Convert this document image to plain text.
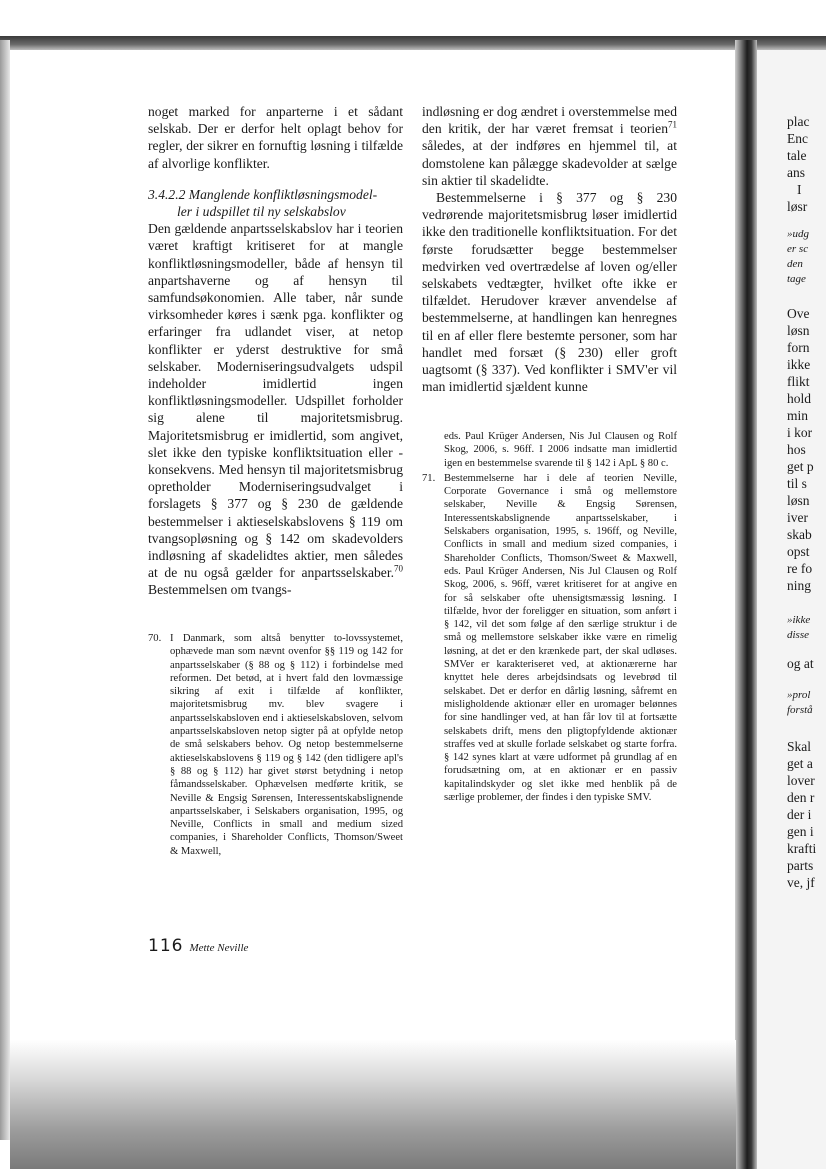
plac
Enc
tale
ans
I
løsr
»udg
er sc
den
tage
Ove
løsn
forn
ikke
flikt
hold
min
i kor
hos
get p
til s
løsn
iver
skab
opst
re fo
ning
»ikke
disse
og at
»prol
forstå
Skal
get a
lover
den r
der i
gen i
krafti
parts
ve, jf

noget marked for anparterne i et sådant selskab. Der er derfor helt oplagt behov for regler, der sikrer en fornuftig løsning i tilfælde af alvorlige konflikter.

3.4.2.2 Manglende konfliktløsningsmodel-
ler i udspillet til ny selskabslov

Den gældende anpartsselskabslov har i teorien været kraftigt kritiseret for at mangle konfliktløsningsmodeller, både af hensyn til anpartshaverne og af hensyn til samfundsøkonomien. Alle taber, når sunde virksomheder køres i sænk pga. konflikter og erfaringer fra udlandet viser, at netop konflikter er yderst destruktive for små selskaber. Moderniseringsudvalgets udspil indeholder imidlertid ingen konfliktløsningsmodeller. Udspillet forholder sig alene til majoritetsmisbrug. Majoritetsmisbrug er imidlertid, som angivet, slet ikke den typiske konfliktsituation eller -konsekvens. Med hensyn til majoritetsmisbrug opretholder Moderniseringsudvalget i forslagets § 377 og § 230 de gældende bestemmelser i aktieselskabslovens § 119 om tvangsopløsning og § 142 om skadevolders indløsning af skadelidtes aktier, men således at de nu også gælder for anpartsselskaber.$^{70}$ Bestemmelsen om tvangs-

indløsning er dog ændret i overstemmelse med den kritik, der har været fremsat i teorien$^{71}$ således, at der indføres en hjemmel til, at domstolene kan pålægge skadevolder at sælge sin aktier til skadelidte.

Bestemmelserne i § 377 og § 230 vedrørende majoritetsmisbrug løser imidlertid ikke den traditionelle konfliktsituation. For det første forudsætter begge bestemmelser medvirken ved overtrædelse af loven og/eller selskabets vedtægter, hvilket ofte ikke er tilfældet. Herudover kræver anvendelse af bestemmelserne, at handlingen kan henregnes til en af eller flere bestemte personer, som har handlet med forsæt (§ 230) eller groft uagtsomt (§ 337). Ved konflikter i SMV'er vil man imidlertid sjældent kunne

70. I Danmark, som altså benytter to-lovssystemet, ophævede man som nævnt ovenfor §§ 119 og 142 for anpartsselskaber (§ 88 og § 112) i forbindelse med reformen. Det betød, at i hvert fald den lovmæssige sikring af exit i tilfælde af konflikter, majoritetsmisbrug mv. blev svagere i anpartsselskabsloven end i aktieselskabsloven, selvom anpartsselskabsloven netop sigter på at opfylde netop de små selskabers behov. Og netop bestemmelserne aktieselskabslovens § 119 og § 142 (den tidligere apl's § 88 og § 112) har givet størst betydning i netop fåmandsselskaber. Ophævelsen medførte kritik, se Neville & Engsig Sørensen, Interessentskabslignende anpartsselskaber, i Selskabers organisation, 1995, og Neville, Conflicts in small and medium sized companies, i Shareholder Conflicts, Thomson/Sweet & Maxwell,
eds. Paul Krüger Andersen, Nis Jul Clausen og Rolf Skog, 2006, s. 96ff. I 2006 indsatte man imidlertid igen en bestemmelse svarende til § 142 i ApL § 80 c.
71. Bestemmelserne har i dele af teorien Neville, Corporate Governance i små og mellemstore selskaber, Neville & Engsig Sørensen, Interessentskabslignende anpartsselskaber, i Selskabers organisation, 1995, s. 196ff, og Neville, Conflicts in small and medium sized companies, i Shareholder Conflicts, Thomson/Sweet & Maxwell, eds. Paul Krüger Andersen, Nis Jul Clausen og Rolf Skog, 2006, s. 96ff, været kritiseret for at angive en for så selskaber ofte uhensigtsmæssig løsning. I tilfælde, hvor der foreligger en situation, som anført i § 142, vil det som følge af den særlige struktur i de små og mellemstore selskaber ikke være en rimelig løsning, at det er den krænkede part, der skal udløses. SMVer er karakteriseret ved, at aktionærerne har knyttet hele deres arbejdsindsats og levebrød til selskabet. Det er derfor en dårlig løsning, såfremt en misligholdende aktionær eller en uromager belønnes for sine handlinger ved, at han får lov til at fortsætte selskabets drift, mens den pligtopfyldende aktionær straffes ved at skulle forlade selskabet og starte forfra. § 142 synes klart at være udformet på grundlag af en forudsætning om, at en aktionær er en passiv kapitalindskyder og slet ikke med henblik på de særlige problemer, der findes i den typiske SMV.
116 Mette Neville
